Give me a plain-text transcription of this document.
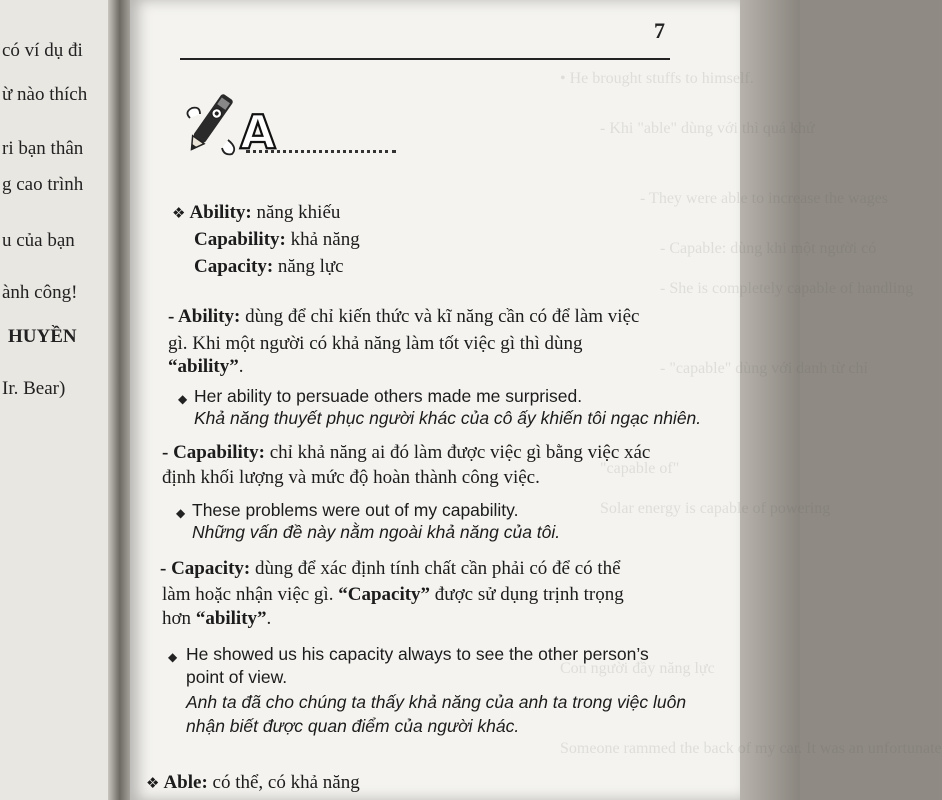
có ví dụ đi
ừ nào thích
ri bạn thân
g cao trình
u của bạn
ành công!
HUYỀN
Ir. Bear)
• He brought stuffs to himself.
- Khi "able" dùng với thì quá khứ
- They were able to increase the wages
- Capable: dùng khi một người có
- She is completely capable of handling
- "capable" dùng với danh từ chỉ
"capable of"
Solar energy is capable of powering
Con người đầy năng lực
Someone rammed the back of my car. It was an unfortunate
7
A
❖ Ability: năng khiếu
Capability: khả năng
Capacity: năng lực
- Ability: dùng để chỉ kiến thức và kĩ năng cần có để làm việc
gì. Khi một người có khả năng làm tốt việc gì thì dùng
“ability”.
◆ Her ability to persuade others made me surprised.
Khả năng thuyết phục người khác của cô ấy khiến tôi ngạc nhiên.
- Capability: chỉ khả năng ai đó làm được việc gì bằng việc xác
định khối lượng và mức độ hoàn thành công việc.
◆ These problems were out of my capability.
Những vấn đề này nằm ngoài khả năng của tôi.
- Capacity: dùng để xác định tính chất cần phải có để có thể
làm hoặc nhận việc gì. “Capacity” được sử dụng trịnh trọng
hơn “ability”.
◆ He showed us his capacity always to see the other person’s
point of view.
Anh ta đã cho chúng ta thấy khả năng của anh ta trong việc luôn
nhận biết được quan điểm của người khác.
❖ Able: có thể, có khả năng
